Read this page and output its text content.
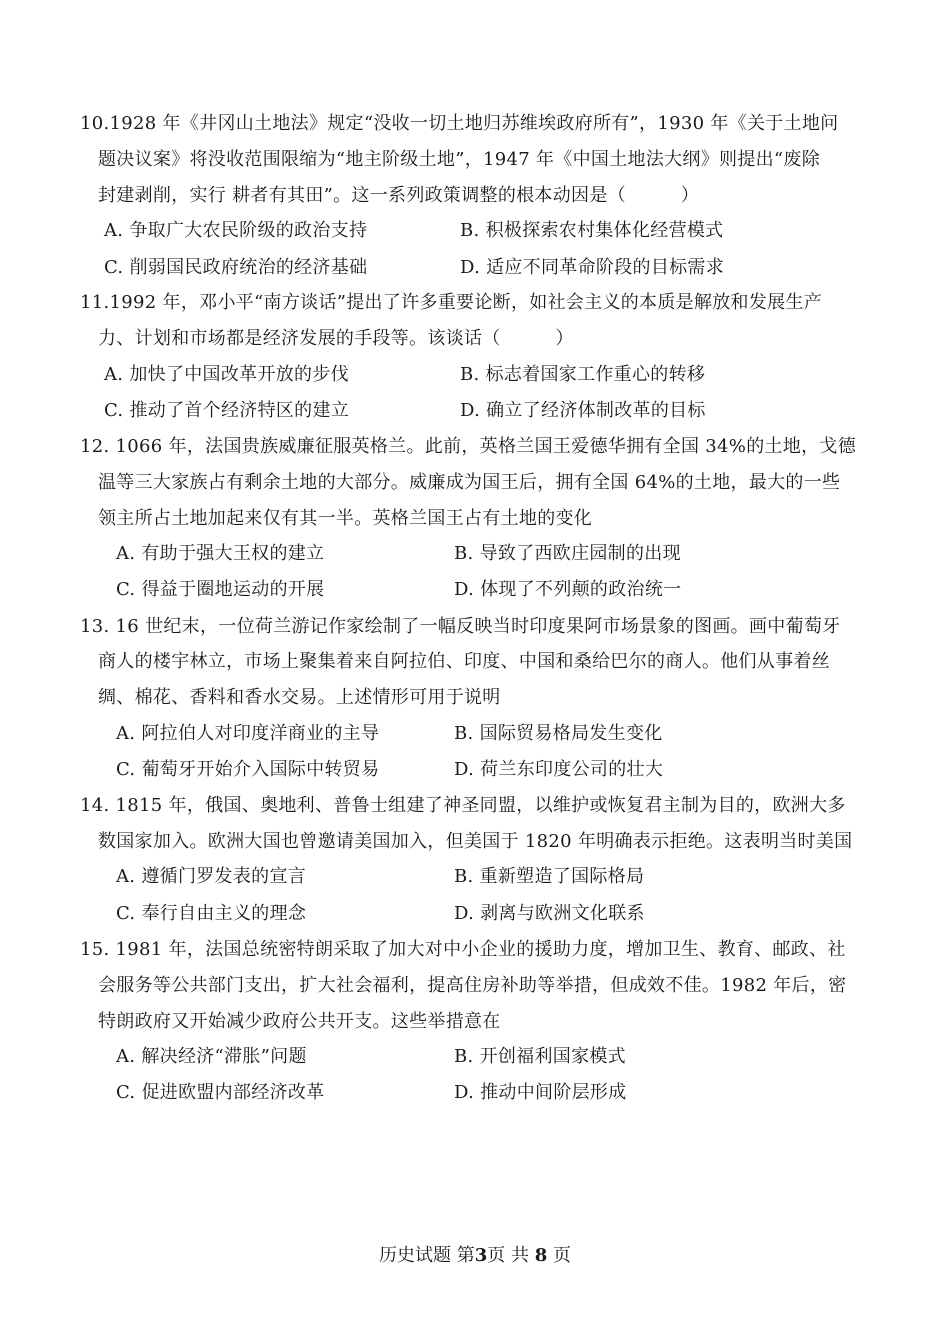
10.1928 年《井冈山土地法》规定“没收一切土地归苏维埃政府所有”，1930 年《关于土地问
题决议案》将没收范围限缩为“地主阶级土地”，1947 年《中国土地法大纲》则提出“废除
封建剥削，实行 耕者有其田”。这一系列政策调整的根本动因是（　　　）
A. 争取广大农民阶级的政治支持	B. 积极探索农村集体化经营模式
C. 削弱国民政府统治的经济基础	D. 适应不同革命阶段的目标需求
11.1992 年，邓小平“南方谈话”提出了许多重要论断，如社会主义的本质是解放和发展生产
力、计划和市场都是经济发展的手段等。该谈话（　　　）
A. 加快了中国改革开放的步伐	B. 标志着国家工作重心的转移
C. 推动了首个经济特区的建立	D. 确立了经济体制改革的目标
12. 1066 年，法国贵族威廉征服英格兰。此前，英格兰国王爱德华拥有全国 34%的土地，戈德
温等三大家族占有剩余土地的大部分。威廉成为国王后，拥有全国 64%的土地，最大的一些
领主所占土地加起来仅有其一半。英格兰国王占有土地的变化
A. 有助于强大王权的建立	B. 导致了西欧庄园制的出现
C. 得益于圈地运动的开展	D. 体现了不列颠的政治统一
13. 16 世纪末，一位荷兰游记作家绘制了一幅反映当时印度果阿市场景象的图画。画中葡萄牙
商人的楼宇林立，市场上聚集着来自阿拉伯、印度、中国和桑给巴尔的商人。他们从事着丝
绸、棉花、香料和香水交易。上述情形可用于说明
A. 阿拉伯人对印度洋商业的主导	B. 国际贸易格局发生变化
C. 葡萄牙开始介入国际中转贸易	D. 荷兰东印度公司的壮大
14. 1815 年，俄国、奥地利、普鲁士组建了神圣同盟，以维护或恢复君主制为目的，欧洲大多
数国家加入。欧洲大国也曾邀请美国加入，但美国于 1820 年明确表示拒绝。这表明当时美国
A. 遵循门罗发表的宣言	B. 重新塑造了国际格局
C. 奉行自由主义的理念	D. 剥离与欧洲文化联系
15. 1981 年，法国总统密特朗采取了加大对中小企业的援助力度，增加卫生、教育、邮政、社
会服务等公共部门支出，扩大社会福利，提高住房补助等举措，但成效不佳。1982 年后，密
特朗政府又开始减少政府公共开支。这些举措意在
A. 解决经济“滞胀”问题	B. 开创福利国家模式
C. 促进欧盟内部经济改革	D. 推动中间阶层形成
历史试题 第3页 共 8 页
